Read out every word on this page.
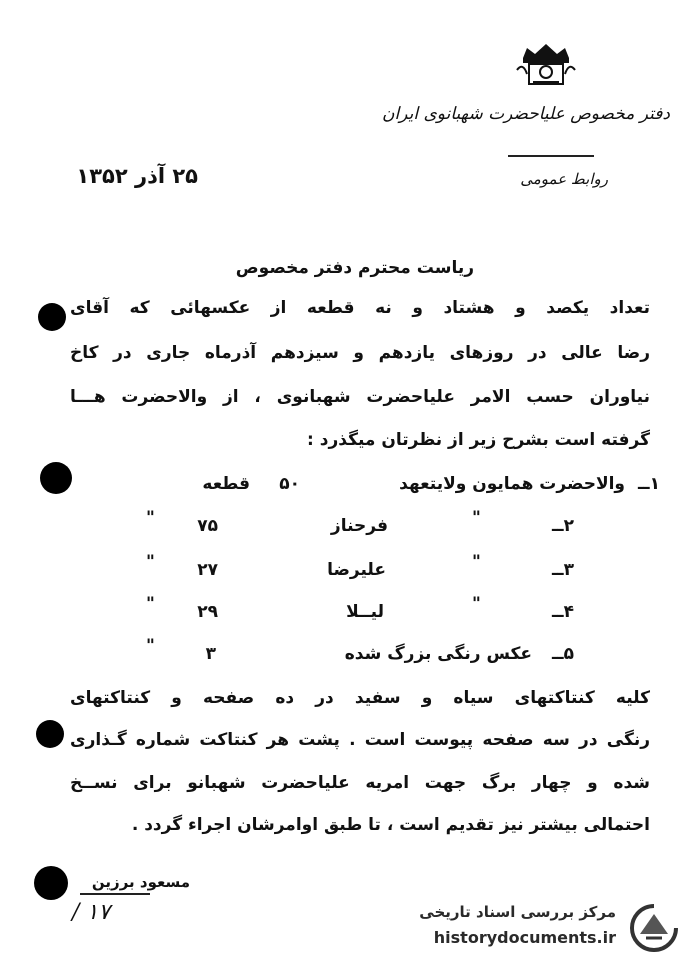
دفتر مخصوص علیاحضرت شهبانوی ایران
روابط عمومی
۲۵ آذر ۱۳۵۲
ریاست محترم دفتر مخصوص
تعداد یکصد و هشتاد و نه قطعه از عکسهائی که آقای
رضا عالی در روزهای یازدهم و سیزدهم آذرماه جاری در کاخ
نیاوران حسب الامر علیاحضرت شهبانوی ، از والاحضرت هـــا
گرفته است بشرح زیر از نظرتان میگذرد :
۱ــ
والاحضرت همایون ولایتعهد
۵۰
قطعه
۲ــ
"
فرحناز
۷۵
"
۳ــ
"
علیرضا
۲۷
"
۴ــ
"
لیــلا
۲۹
"
۵ــ
عکس رنگی بزرگ شده
۳
"
کلیه کنتاکتهای سیاه و سفید در ده صفحه و کنتاکتهای
رنگی در سه صفحه پیوست است . پشت هر کنتاکت شماره گـذاری
شده و چهار برگ جهت امریه علیاحضرت شهبانو برای نســخ
احتمالی بیشتر نیز تقدیم است ، تا طبق اوامرشان اجراء گردد .
مسعود برزین
/ ۱۷	مرکز بررسی اسناد تاریخی
historydocuments.ir
